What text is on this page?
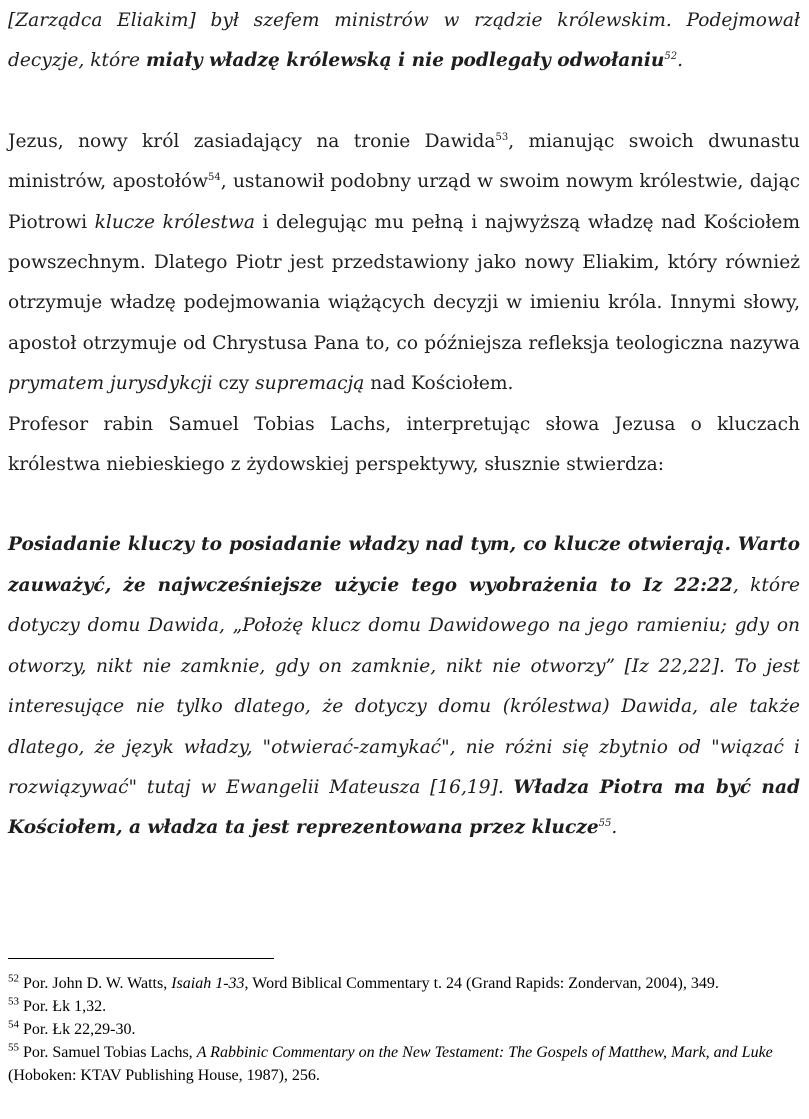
[Zarządca Eliakim] był szefem ministrów w rządzie królewskim. Podejmował decyzje, które miały władzę królewską i nie podlegały odwołaniu$^{52}$.

Jezus, nowy król zasiadający na tronie Dawida$^{53}$, mianując swoich dwunastu ministrów, apostołów$^{54}$, ustanowił podobny urząd w swoim nowym królestwie, dając Piotrowi klucze królestwa i delegując mu pełną i najwyższą władzę nad Kościołem powszechnym. Dlatego Piotr jest przedstawiony jako nowy Eliakim, który również otrzymuje władzę podejmowania wiążących decyzji w imieniu króla. Innymi słowy, apostoł otrzymuje od Chrystusa Pana to, co późniejsza refleksja teologiczna nazywa prymatem jurysdykcji czy supremacją nad Kościołem.

Profesor rabin Samuel Tobias Lachs, interpretując słowa Jezusa o kluczach królestwa niebieskiego z żydowskiej perspektywy, słusznie stwierdza:

Posiadanie kluczy to posiadanie władzy nad tym, co klucze otwierają. Warto zauważyć, że najwcześniejsze użycie tego wyobrażenia to Iz 22:22, które dotyczy domu Dawida, „Położę klucz domu Dawidowego na jego ramieniu; gdy on otworzy, nikt nie zamknie, gdy on zamknie, nikt nie otworzy” [Iz 22,22]. To jest interesujące nie tylko dlatego, że dotyczy domu (królestwa) Dawida, ale także dlatego, że język władzy, "otwierać-zamykać", nie różni się zbytnio od "wiązać i rozwiązywać" tutaj w Ewangelii Mateusza [16,19]. Władza Piotra ma być nad Kościołem, a władza ta jest reprezentowana przez klucze$^{55}$.

$^{52}$ Por. John D. W. Watts, Isaiah 1-33, Word Biblical Commentary t. 24 (Grand Rapids: Zondervan, 2004), 349.

$^{53}$ Por. Łk 1,32.

$^{54}$ Por. Łk 22,29-30.

$^{55}$ Por. Samuel Tobias Lachs, A Rabbinic Commentary on the New Testament: The Gospels of Matthew, Mark, and Luke (Hoboken: KTAV Publishing House, 1987), 256.
